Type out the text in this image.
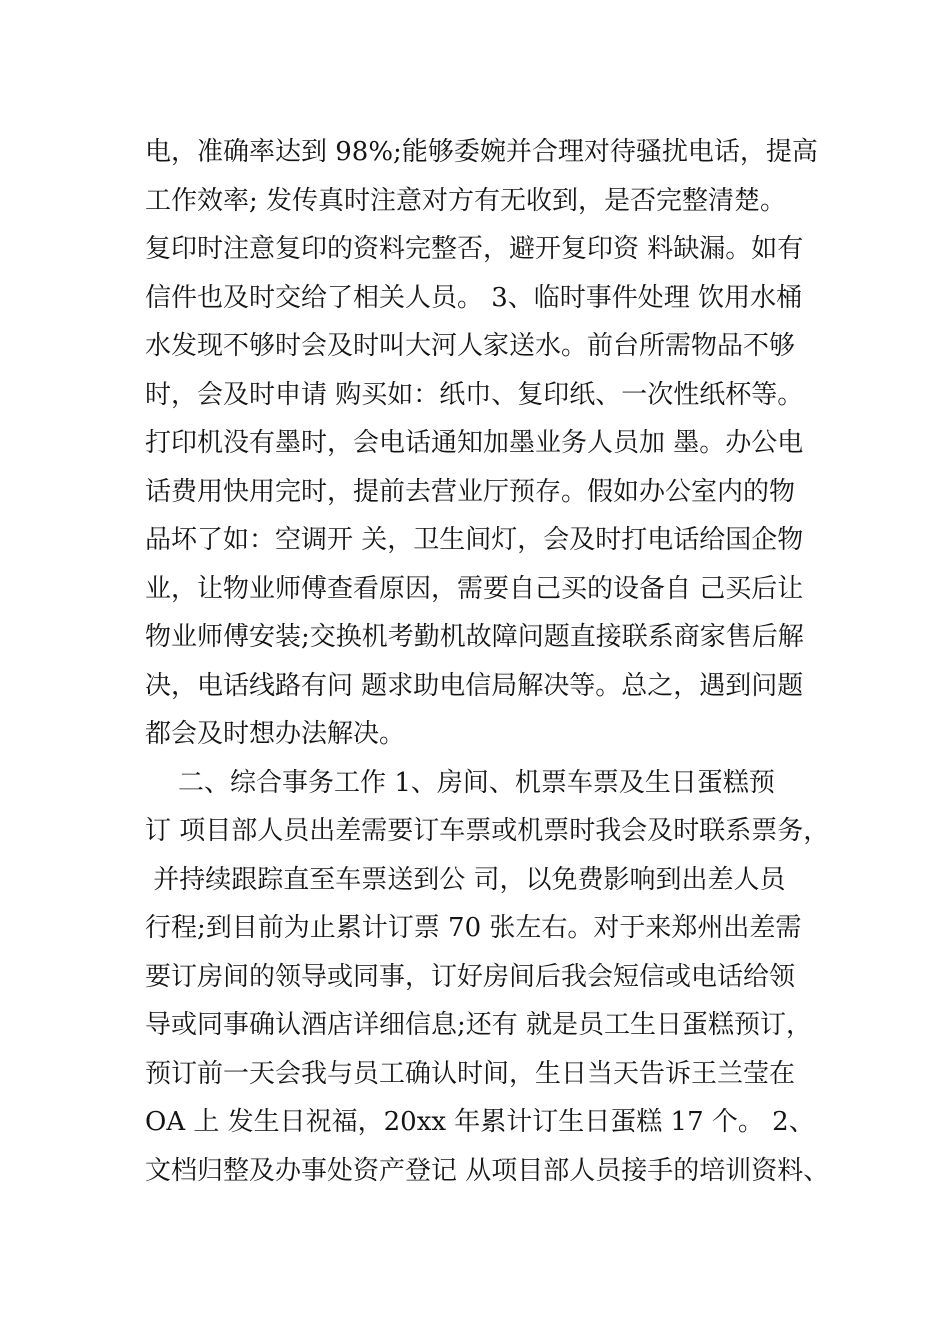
电，准确率达到 98%;能够委婉并合理对待骚扰电话，提高
工作效率; 发传真时注意对方有无收到，是否完整清楚。
复印时注意复印的资料完整否，避开复印资 料缺漏。如有
信件也及时交给了相关人员。 3、临时事件处理 饮用水桶
水发现不够时会及时叫大河人家送水。前台所需物品不够
时，会及时申请 购买如：纸巾、复印纸、一次性纸杯等。
打印机没有墨时，会电话通知加墨业务人员加 墨。办公电
话费用快用完时，提前去营业厅预存。假如办公室内的物
品坏了如：空调开 关，卫生间灯，会及时打电话给国企物
业，让物业师傅查看原因，需要自己买的设备自 己买后让
物业师傅安装;交换机考勤机故障问题直接联系商家售后解
决，电话线路有问 题求助电信局解决等。总之，遇到问题
都会及时想办法解决。
二、综合事务工作 1、房间、机票车票及生日蛋糕预
订 项目部人员出差需要订车票或机票时我会及时联系票务，
并持续跟踪直至车票送到公 司，以免费影响到出差人员
行程;到目前为止累计订票 70 张左右。对于来郑州出差需
要订房间的领导或同事，订好房间后我会短信或电话给领
导或同事确认酒店详细信息;还有 就是员工生日蛋糕预订，
预订前一天会我与员工确认时间，生日当天告诉王兰莹在
OA 上 发生日祝福，20xx 年累计订生日蛋糕 17 个。 2、
文档归整及办事处资产登记 从项目部人员接手的培训资料、
